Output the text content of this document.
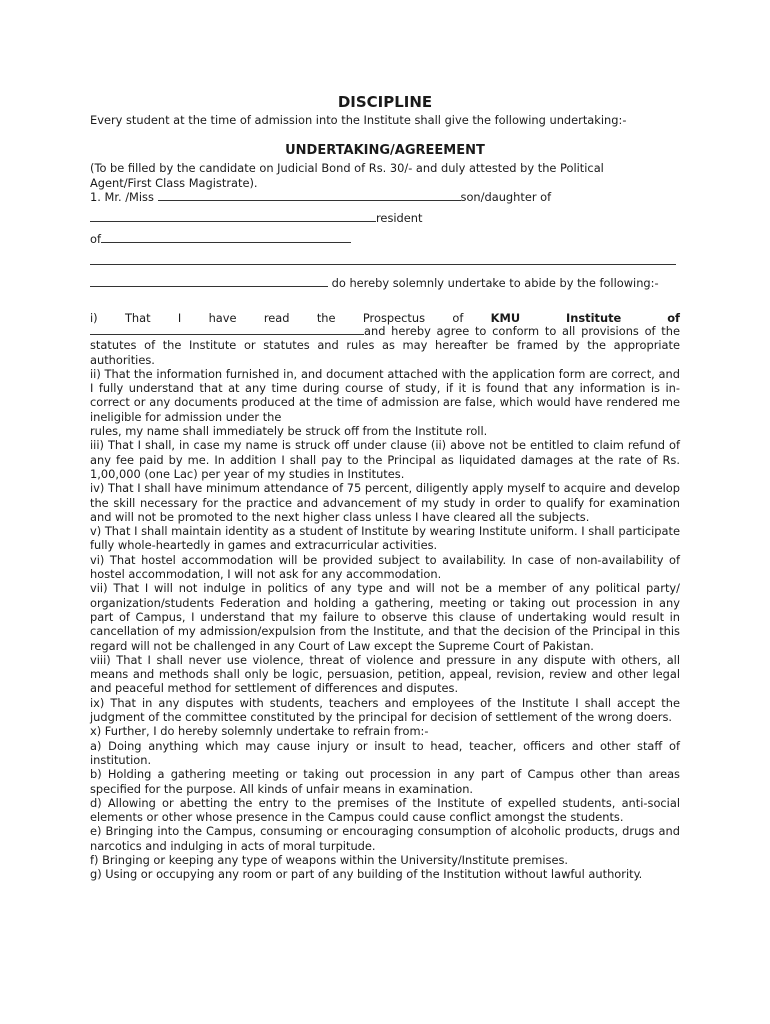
DISCIPLINE
Every student at the time of admission into the Institute shall give the following undertaking:-
UNDERTAKING/AGREEMENT
(To be filled by the candidate on Judicial Bond of Rs. 30/- and duly attested by the Political
Agent/First Class Magistrate).
1. Mr. /Miss	son/daughter of
resident
of
do hereby solemnly undertake to abide by the following:-
i) That I have read the Prospectus of KMU Institute of

and hereby agree to conform to all provisions of the statutes of the Institute or statutes and rules as may hereafter be framed by the appropriate authorities.

ii) That the information furnished in, and document attached with the application form are correct, and I fully understand that at any time during course of study, if it is found that any information is in-correct or any documents produced at the time of admission are false, which would have rendered me ineligible for admission under the

rules, my name shall immediately be struck off from the Institute roll.

iii) That I shall, in case my name is struck off under clause (ii) above not be entitled to claim refund of any fee paid by me. In addition I shall pay to the Principal as liquidated damages at the rate of Rs. 1,00,000 (one Lac) per year of my studies in Institutes.

iv) That I shall have minimum attendance of 75 percent, diligently apply myself to acquire and develop the skill necessary for the practice and advancement of my study in order to qualify for examination and will not be promoted to the next higher class unless I have cleared all the subjects.

v) That I shall maintain identity as a student of Institute by wearing Institute uniform. I shall participate fully whole-heartedly in games and extracurricular activities.

vi) That hostel accommodation will be provided subject to availability. In case of non-availability of hostel accommodation, I will not ask for any accommodation.

vii) That I will not indulge in politics of any type and will not be a member of any political party/ organization/students Federation and holding a gathering, meeting or taking out procession in any part of Campus, I understand that my failure to observe this clause of undertaking would result in cancellation of my admission/expulsion from the Institute, and that the decision of the Principal in this regard will not be challenged in any Court of Law except the Supreme Court of Pakistan.

viii) That I shall never use violence, threat of violence and pressure in any dispute with others, all means and methods shall only be logic, persuasion, petition, appeal, revision, review and other legal and peaceful method for settlement of differences and disputes.

ix) That in any disputes with students, teachers and employees of the Institute I shall accept the judgment of the committee constituted by the principal for decision of settlement of the wrong doers.

x) Further, I do hereby solemnly undertake to refrain from:-

a) Doing anything which may cause injury or insult to head, teacher, officers and other staff of institution.

b) Holding a gathering meeting or taking out procession in any part of Campus other than areas specified for the purpose. All kinds of unfair means in examination.

d) Allowing or abetting the entry to the premises of the Institute of expelled students, anti-social elements or other whose presence in the Campus could cause conflict amongst the students.

e) Bringing into the Campus, consuming or encouraging consumption of alcoholic products, drugs and narcotics and indulging in acts of moral turpitude.

f) Bringing or keeping any type of weapons within the University/Institute premises.

g) Using or occupying any room or part of any building of the Institution without lawful authority.
